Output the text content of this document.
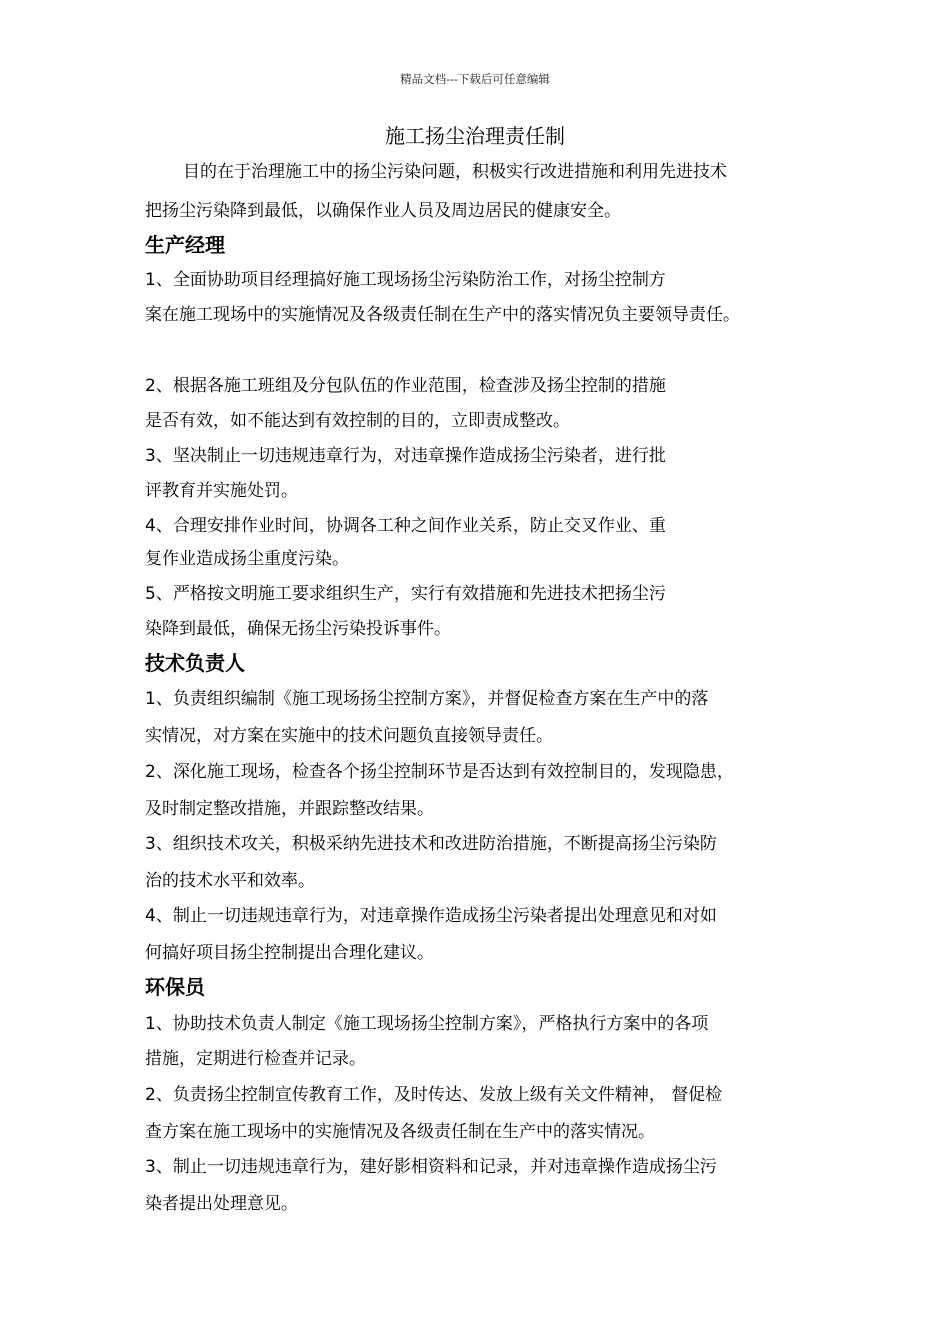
精品文档---下载后可任意编辑
施工扬尘治理责任制
目的在于治理施工中的扬尘污染问题，积极实行改进措施和利用先进技术
把扬尘污染降到最低，以确保作业人员及周边居民的健康安全。
生产经理
1、全面协助项目经理搞好施工现场扬尘污染防治工作，对扬尘控制方
案在施工现场中的实施情况及各级责任制在生产中的落实情况负主要领导责任。
2、根据各施工班组及分包队伍的作业范围，检查涉及扬尘控制的措施
是否有效，如不能达到有效控制的目的，立即责成整改。
3、坚决制止一切违规违章行为，对违章操作造成扬尘污染者，进行批
评教育并实施处罚。
4、合理安排作业时间，协调各工种之间作业关系，防止交叉作业、重
复作业造成扬尘重度污染。
5、严格按文明施工要求组织生产，实行有效措施和先进技术把扬尘污
染降到最低，确保无扬尘污染投诉事件。
技术负责人
1、负责组织编制《施工现场扬尘控制方案》，并督促检查方案在生产中的落
实情况，对方案在实施中的技术问题负直接领导责任。
2、深化施工现场，检查各个扬尘控制环节是否达到有效控制目的，发现隐患，
及时制定整改措施，并跟踪整改结果。
3、组织技术攻关，积极采纳先进技术和改进防治措施，不断提高扬尘污染防
治的技术水平和效率。
4、制止一切违规违章行为，对违章操作造成扬尘污染者提出处理意见和对如
何搞好项目扬尘控制提出合理化建议。
环保员
1、协助技术负责人制定《施工现场扬尘控制方案》，严格执行方案中的各项
措施，定期进行检查并记录。
2、负责扬尘控制宣传教育工作，及时传达、发放上级有关文件精神， 督促检
查方案在施工现场中的实施情况及各级责任制在生产中的落实情况。
3、制止一切违规违章行为，建好影相资料和记录，并对违章操作造成扬尘污
染者提出处理意见。
